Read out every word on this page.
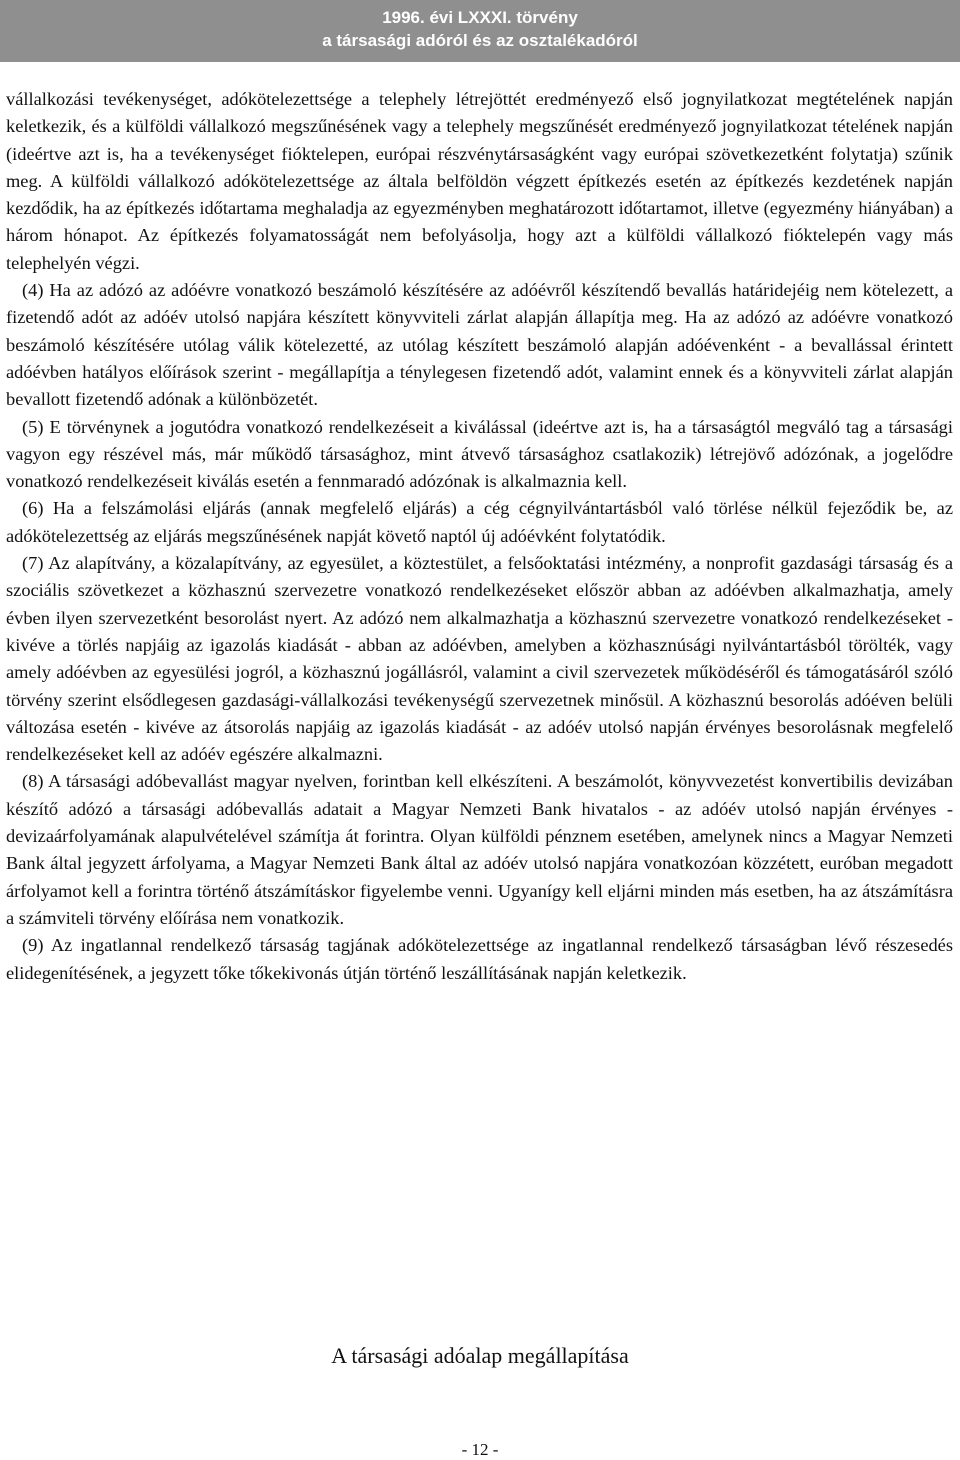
1996. évi LXXXI. törvény
a társasági adóról és az osztalékadóról

vállalkozási tevékenységet, adókötelezettsége a telephely létrejöttét eredményező első jognyilatkozat megtételének napján keletkezik, és a külföldi vállalkozó megszűnésének vagy a telephely megszűnését eredményező jognyilatkozat tételének napján (ideértve azt is, ha a tevékenységet fióktelepen, európai részvénytársaságként vagy európai szövetkezetként folytatja) szűnik meg. A külföldi vállalkozó adókötelezettsége az általa belföldön végzett építkezés esetén az építkezés kezdetének napján kezdődik, ha az építkezés időtartama meghaladja az egyezményben meghatározott időtartamot, illetve (egyezmény hiányában) a három hónapot. Az építkezés folyamatosságát nem befolyásolja, hogy azt a külföldi vállalkozó fióktelepén vagy más telephelyén végzi.

(4) Ha az adózó az adóévre vonatkozó beszámoló készítésére az adóévről készítendő bevallás határidejéig nem kötelezett, a fizetendő adót az adóév utolsó napjára készített könyvviteli zárlat alapján állapítja meg. Ha az adózó az adóévre vonatkozó beszámoló készítésére utólag válik kötelezetté, az utólag készített beszámoló alapján adóévenként - a bevallással érintett adóévben hatályos előírások szerint - megállapítja a ténylegesen fizetendő adót, valamint ennek és a könyvviteli zárlat alapján bevallott fizetendő adónak a különbözetét.

(5) E törvénynek a jogutódra vonatkozó rendelkezéseit a kiválással (ideértve azt is, ha a társaságtól megváló tag a társasági vagyon egy részével más, már működő társasághoz, mint átvevő társasághoz csatlakozik) létrejövő adózónak, a jogelődre vonatkozó rendelkezéseit kiválás esetén a fennmaradó adózónak is alkalmaznia kell.

(6) Ha a felszámolási eljárás (annak megfelelő eljárás) a cég cégnyilvántartásból való törlése nélkül fejeződik be, az adókötelezettség az eljárás megszűnésének napját követő naptól új adóévként folytatódik.

(7) Az alapítvány, a közalapítvány, az egyesület, a köztestület, a felsőoktatási intézmény, a nonprofit gazdasági társaság és a szociális szövetkezet a közhasznú szervezetre vonatkozó rendelkezéseket először abban az adóévben alkalmazhatja, amely évben ilyen szervezetként besorolást nyert. Az adózó nem alkalmazhatja a közhasznú szervezetre vonatkozó rendelkezéseket - kivéve a törlés napjáig az igazolás kiadását - abban az adóévben, amelyben a közhasznúsági nyilvántartásból törölték, vagy amely adóévben az egyesülési jogról, a közhasznú jogállásról, valamint a civil szervezetek működéséről és támogatásáról szóló törvény szerint elsődlegesen gazdasági-vállalkozási tevékenységű szervezetnek minősül. A közhasznú besorolás adóéven belüli változása esetén - kivéve az átsorolás napjáig az igazolás kiadását - az adóév utolsó napján érvényes besorolásnak megfelelő rendelkezéseket kell az adóév egészére alkalmazni.

(8) A társasági adóbevallást magyar nyelven, forintban kell elkészíteni. A beszámolót, könyvvezetést konvertibilis devizában készítő adózó a társasági adóbevallás adatait a Magyar Nemzeti Bank hivatalos - az adóév utolsó napján érvényes - devizaárfolyamának alapulvételével számítja át forintra. Olyan külföldi pénznem esetében, amelynek nincs a Magyar Nemzeti Bank által jegyzett árfolyama, a Magyar Nemzeti Bank által az adóév utolsó napjára vonatkozóan közzétett, euróban megadott árfolyamot kell a forintra történő átszámításkor figyelembe venni. Ugyanígy kell eljárni minden más esetben, ha az átszámításra a számviteli törvény előírása nem vonatkozik.

(9) Az ingatlannal rendelkező társaság tagjának adókötelezettsége az ingatlannal rendelkező társaságban lévő részesedés elidegenítésének, a jegyzett tőke tőkekivonás útján történő leszállításának napján keletkezik.

A társasági adóalap megállapítása
- 12 -
